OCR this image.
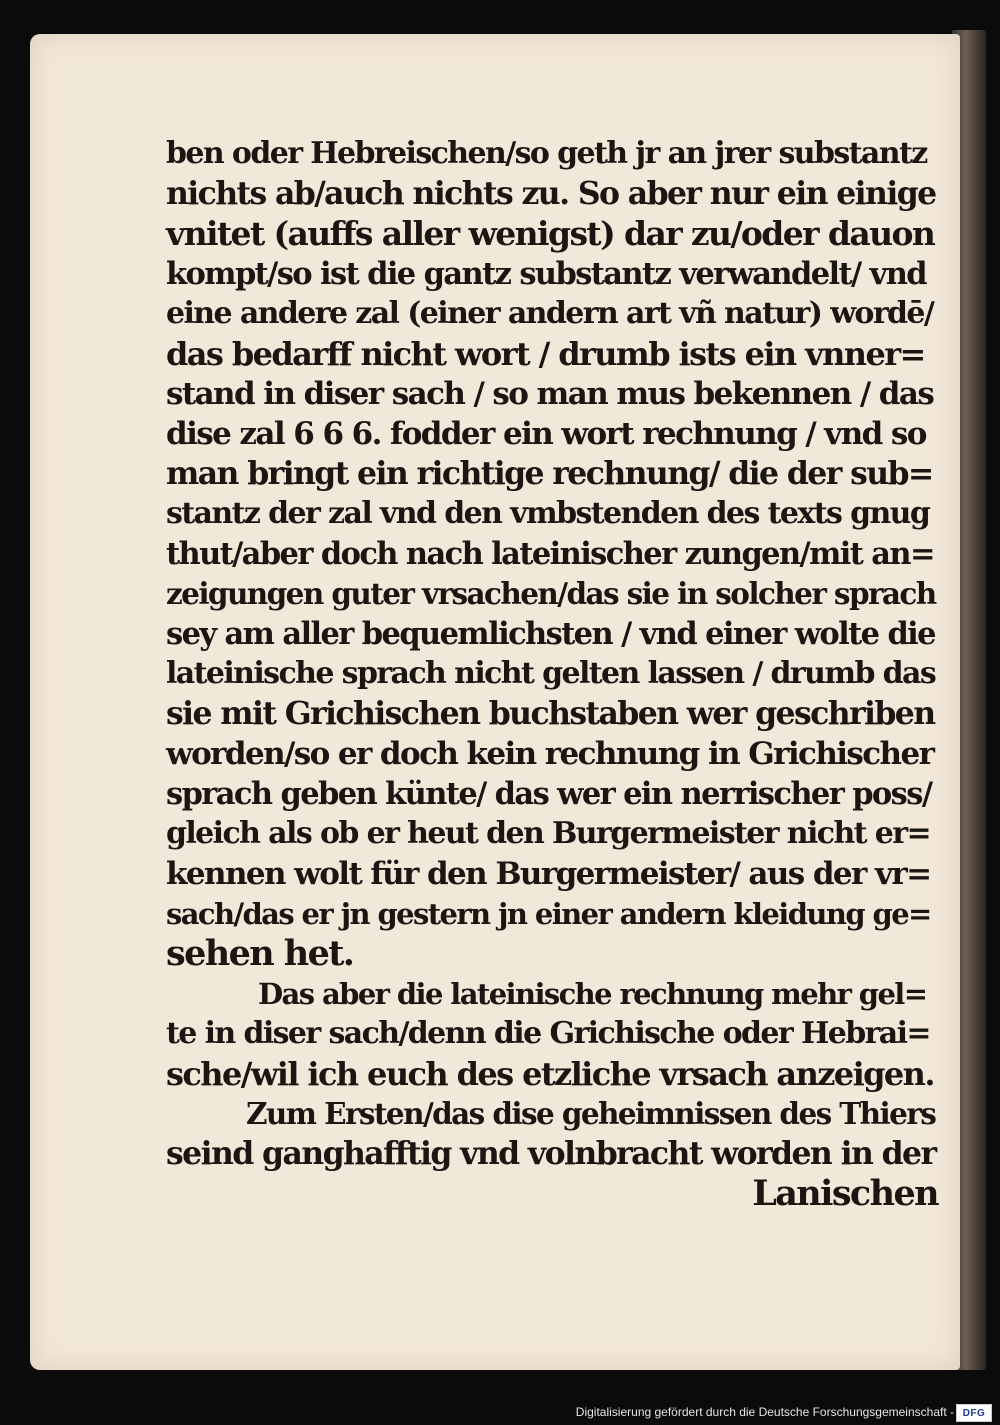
ben oder Hebreischen/so geth jr an jrer substantz
nichts ab/auch nichts zu. So aber nur ein einige
vnitet (auffs aller wenigst) dar zu/oder dauon
kompt/so ist die gantz substantz verwandelt/ vnd
eine andere zal (einer andern art vñ natur) wordē/
das bedarff nicht wort / drumb ists ein vnner=
stand in diser sach / so man mus bekennen / das
dise zal 6 6 6. fodder ein wort rechnung / vnd so
man bringt ein richtige rechnung/ die der sub=
stantz der zal vnd den vmbstenden des texts gnug
thut/aber doch nach lateinischer zungen/mit an=
zeigungen guter vrsachen/das sie in solcher sprach
sey am aller bequemlichsten / vnd einer wolte die
lateinische sprach nicht gelten lassen / drumb das
sie mit Grichischen buchstaben wer geschriben
worden/so er doch kein rechnung in Grichischer
sprach geben künte/ das wer ein nerrischer poss/
gleich als ob er heut den Burgermeister nicht er=
kennen wolt für den Burgermeister/ aus der vr=
sach/das er jn gestern jn einer andern kleidung ge=
sehen het.
Das aber die lateinische rechnung mehr gel=
te in diser sach/denn die Grichische oder Hebrai=
sche/wil ich euch des etzliche vrsach anzeigen.
Zum Ersten/das dise geheimnissen des Thiers
seind ganghafftig vnd volnbracht worden in der
Lanischen
Digitalisierung gefördert durch die Deutsche Forschungsgemeinschaft - DFG
